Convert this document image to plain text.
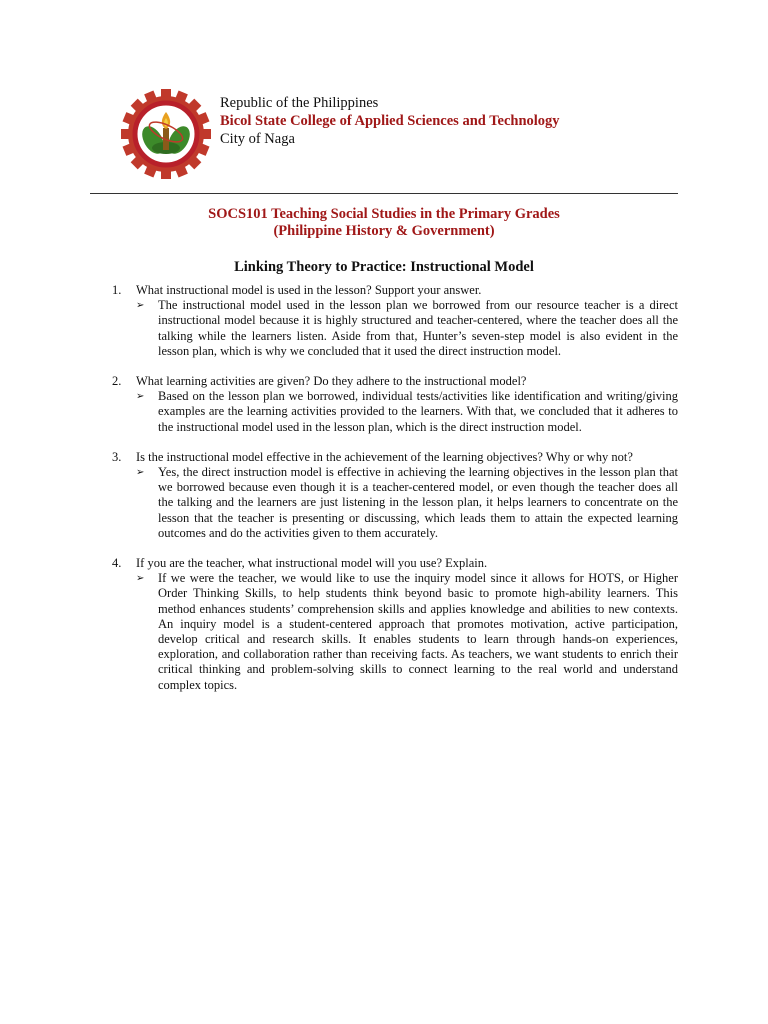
Republic of the Philippines
Bicol State College of Applied Sciences and Technology
City of Naga
SOCS101 Teaching Social Studies in the Primary Grades
(Philippine History & Government)
Linking Theory to Practice: Instructional Model
1.	What instructional model is used in the lesson? Support your answer.
➢	The instructional model used in the lesson plan we borrowed from our resource teacher is a direct instructional model because it is highly structured and teacher-centered, where the teacher does all the talking while the learners listen. Aside from that, Hunter’s seven-step model is also evident in the lesson plan, which is why we concluded that it used the direct instruction model.
2.	What learning activities are given? Do they adhere to the instructional model?
➢	Based on the lesson plan we borrowed, individual tests/activities like identification and writing/giving examples are the learning activities provided to the learners. With that, we concluded that it adheres to the instructional model used in the lesson plan, which is the direct instruction model.
3.	Is the instructional model effective in the achievement of the learning objectives? Why or why not?
➢	Yes, the direct instruction model is effective in achieving the learning objectives in the lesson plan that we borrowed because even though it is a teacher-centered model, or even though the teacher does all the talking and the learners are just listening in the lesson plan, it helps learners to concentrate on the lesson that the teacher is presenting or discussing, which leads them to attain the expected learning outcomes and do the activities given to them accurately.
4.	If you are the teacher, what instructional model will you use? Explain.
➢	If we were the teacher, we would like to use the inquiry model since it allows for HOTS, or Higher Order Thinking Skills, to help students think beyond basic to promote high-ability learners. This method enhances students’ comprehension skills and applies knowledge and abilities to new contexts. An inquiry model is a student-centered approach that promotes motivation, active participation, develop critical and research skills. It enables students to learn through hands-on experiences, exploration, and collaboration rather than receiving facts. As teachers, we want students to enrich their critical thinking and problem-solving skills to connect learning to the real world and understand complex topics.
